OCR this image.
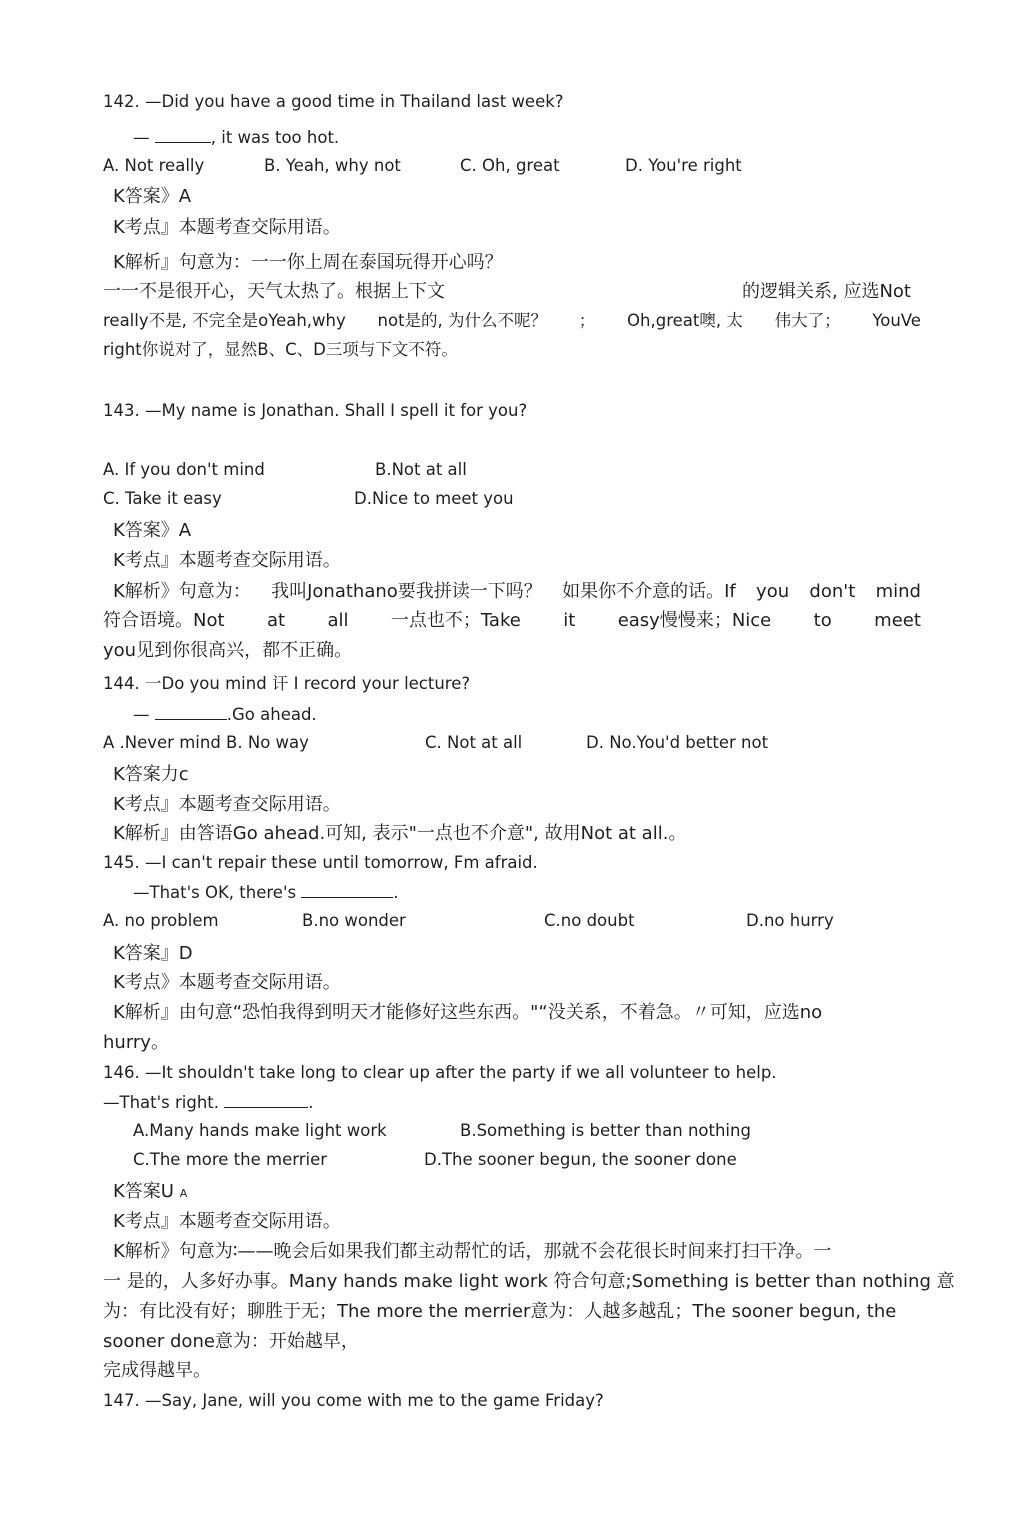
142. —Did you have a good time in Thailand last week?
—	, it was too hot.
A. Not really	B. Yeah, why not	C. Oh, great	D. You're right
K答案》A
K考点』本题考查交际用语。
K解析』句意为：一一你上周在泰国玩得开心吗？
一一不是很开心，天气太热了。根据上下文	的逻辑关系, 应选Not
really不是, 不完全是oYeah,why not是的, 为什么不呢？ ； Oh,great噢, 太 伟大了； YouVe
right你说对了，显然B、C、D三项与下文不符。
143. —My name is Jonathan. Shall I spell it for you?
A. If you don't mind	B.Not at all
C. Take it easy	D.Nice to meet you
K答案》A
K考点』本题考查交际用语。
K解析》句意为： 我叫Jonathano要我拼读一下吗？ 如果你不介意的话。If you don't mind
符合语境。Not at all 一点也不；Take it easy慢慢来；Nice to meet
you见到你很高兴，都不正确。
144. 一Do you mind 讦 I record your lecture?
—	.Go ahead.
A .Never mind B. No way	C. Not at all	D. No.You'd better not
K答案力c
K考点』本题考查交际用语。
K解析』由答语Go ahead.可知, 表示"一点也不介意", 故用Not at all.。
145. —I can't repair these until tomorrow, Fm afraid.
—That's OK, there's	.
A. no problem	B.no wonder	C.no doubt	D.no hurry
K答案』D
K考点》本题考查交际用语。
K解析』由句意“恐怕我得到明天才能修好这些东西。"“没关系，不着急。〃可知，应选no
hurry。
146. —It shouldn't take long to clear up after the party if we all volunteer to help.
—That's right.	.
A.Many hands make light work	B.Something is better than nothing
C.The more the merrier	D.The sooner begun, the sooner done
K答案U A
K考点』本题考查交际用语。
K解析》句意为∶——晚会后如果我们都主动帮忙的话，那就不会花很长时间来打扫干净。一
一 是的，人多好办事。Many hands make light work 符合句意;Something is better than nothing 意
为：有比没有好；聊胜于无；The more the merrier意为：人越多越乱；The sooner begun, the
sooner done意为：开始越早，
完成得越早。
147. —Say, Jane, will you come with me to the game Friday?
